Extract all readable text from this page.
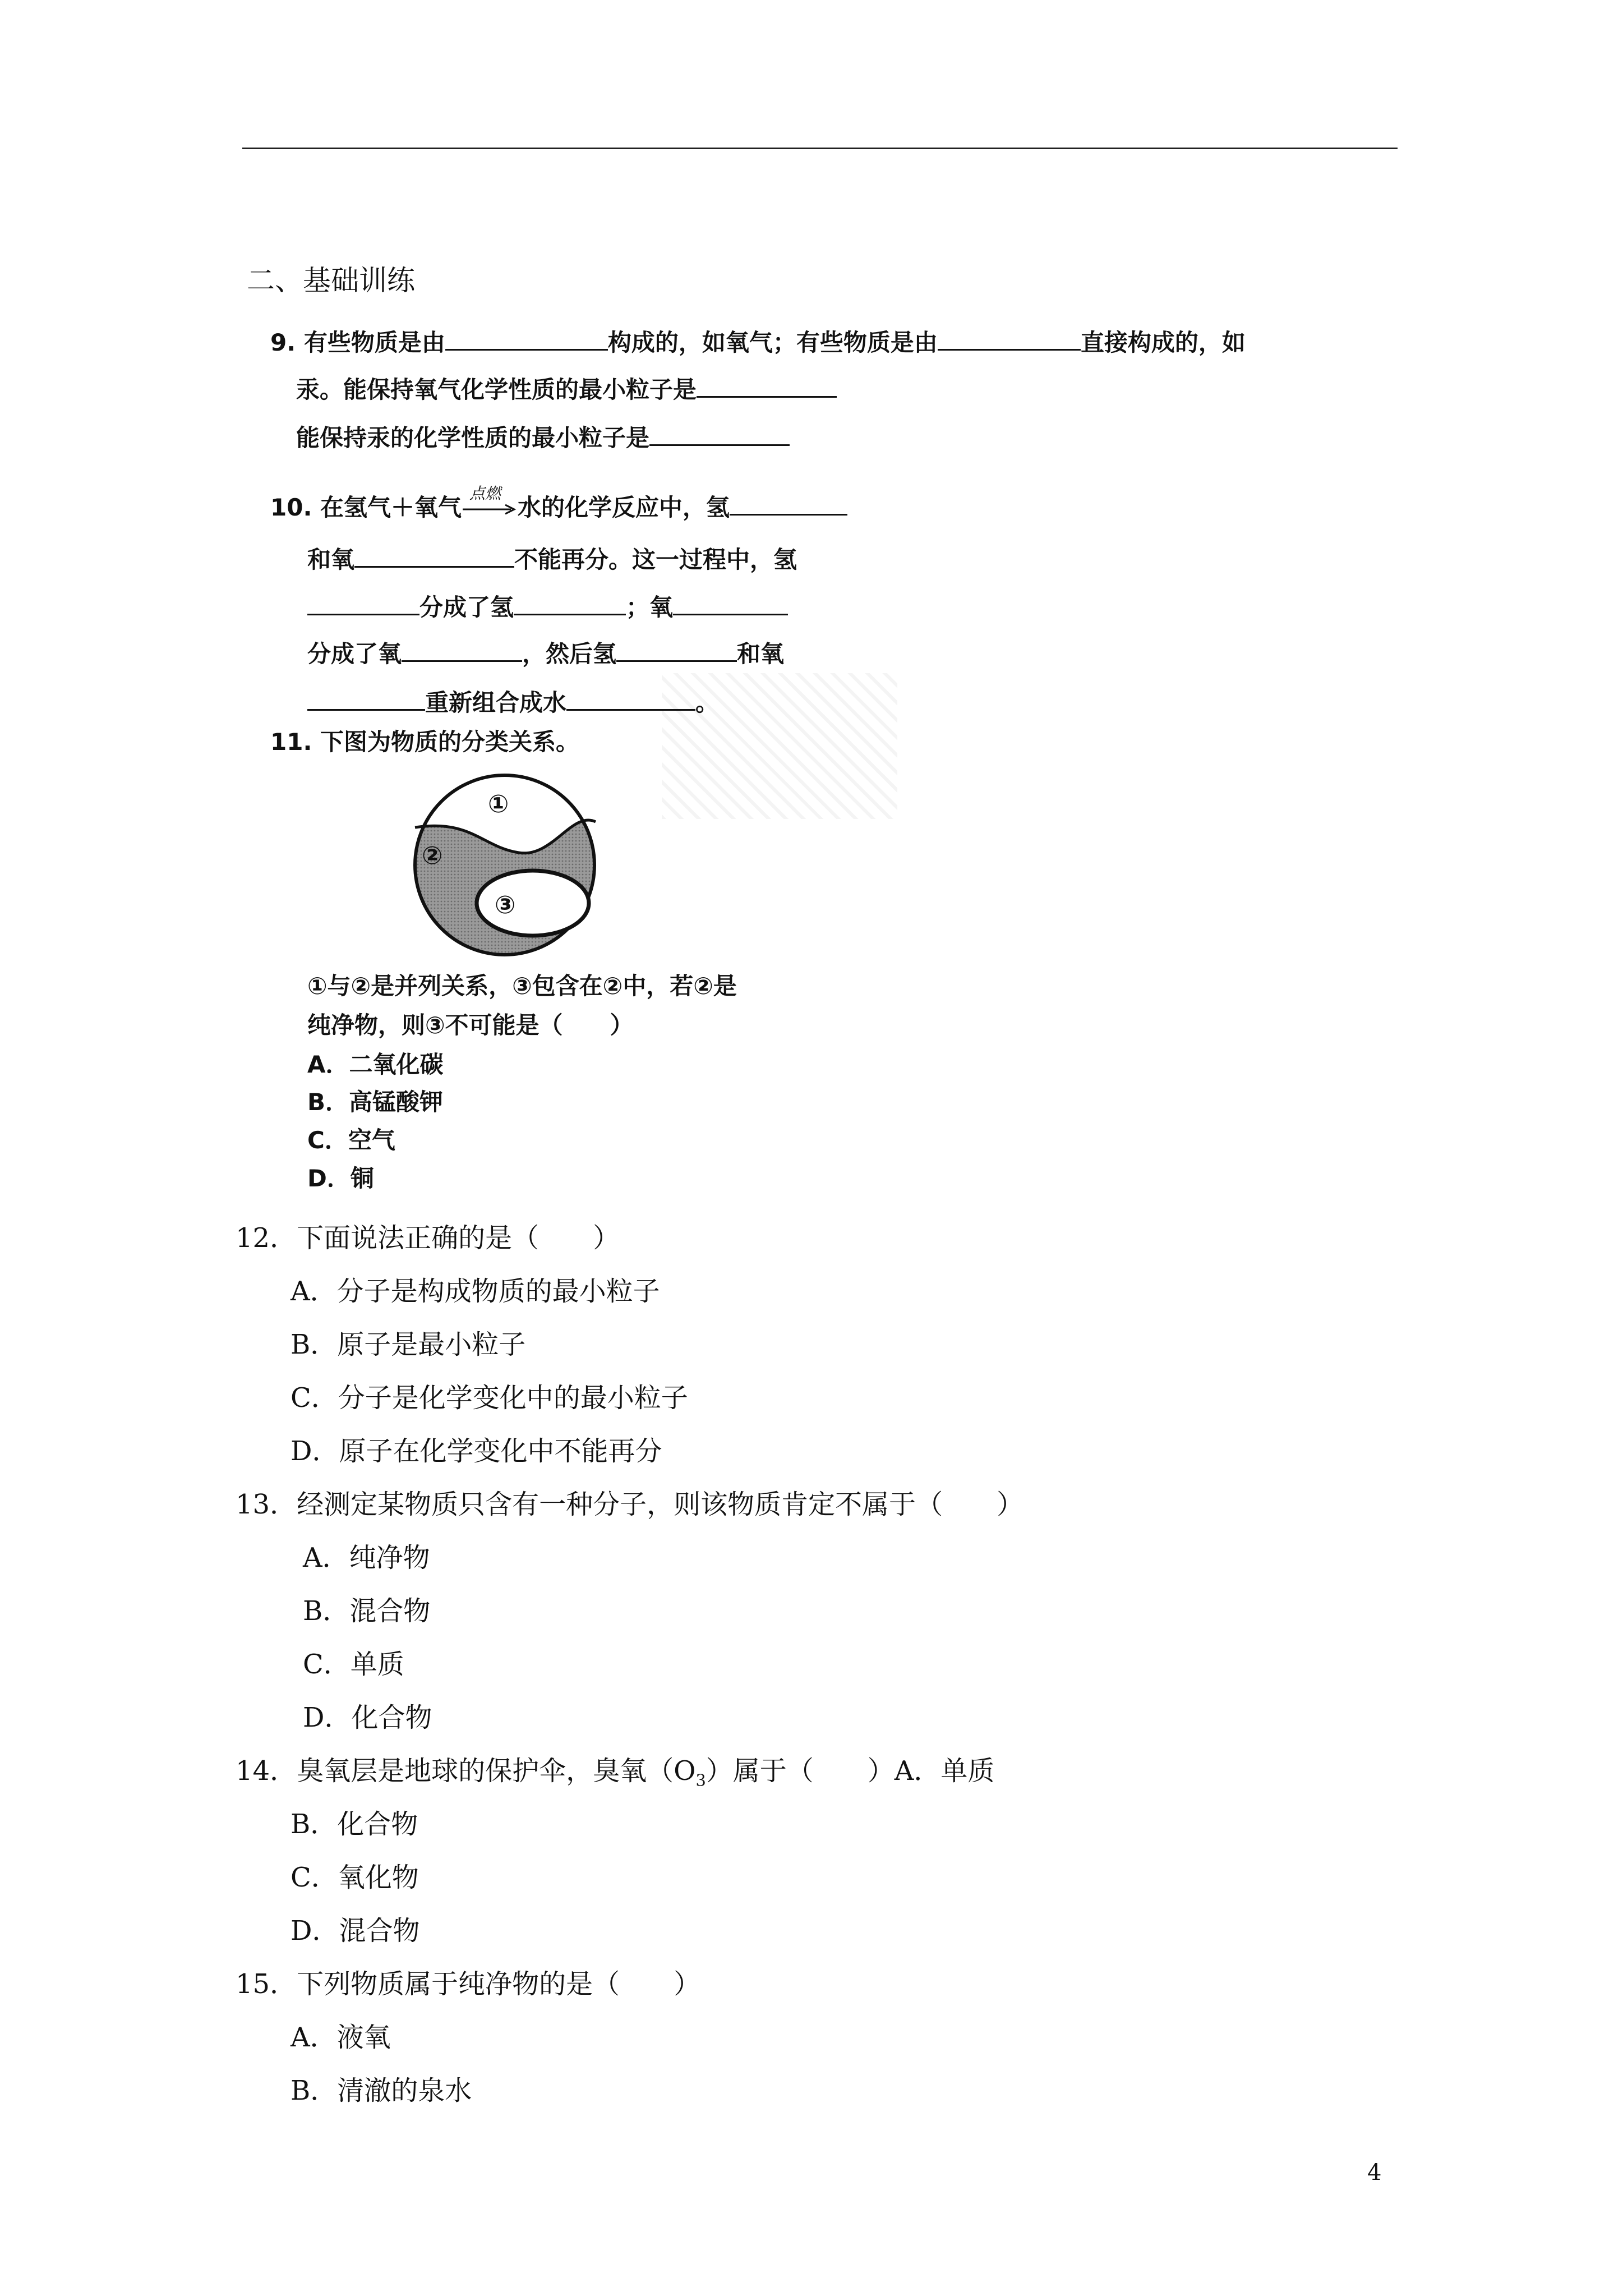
二、基础训练
9. 有些物质是由	构成的，如氧气；有些物质是由	直接构成的，如
汞。能保持氧气化学性质的最小粒子是
能保持汞的化学性质的最小粒子是
10. 在氢气＋氧气
点燃
水的化学反应中，氢
和氧	不能再分。这一过程中，氢
分成了氢	；氧
分成了氧	，然后氢	和氧
重新组合成水	。
11. 下图为物质的分类关系。
①
②
③
①与②是并列关系，③包含在②中，若②是
纯净物，则③不可能是（　　）
A．二氧化碳
B．高锰酸钾
C．空气
D．铜
12．下面说法正确的是（　　）
A．分子是构成物质的最小粒子
B．原子是最小粒子
C．分子是化学变化中的最小粒子
D．原子在化学变化中不能再分
13．经测定某物质只含有一种分子，则该物质肯定不属于（　　）
A．纯净物
B．混合物
C．单质
D．化合物
14．臭氧层是地球的保护伞，臭氧$(O_3)$属于（　　）A．单质
B．化合物
C．氧化物
D．混合物
15．下列物质属于纯净物的是（　　）
A．液氧
B．清澈的泉水
4
